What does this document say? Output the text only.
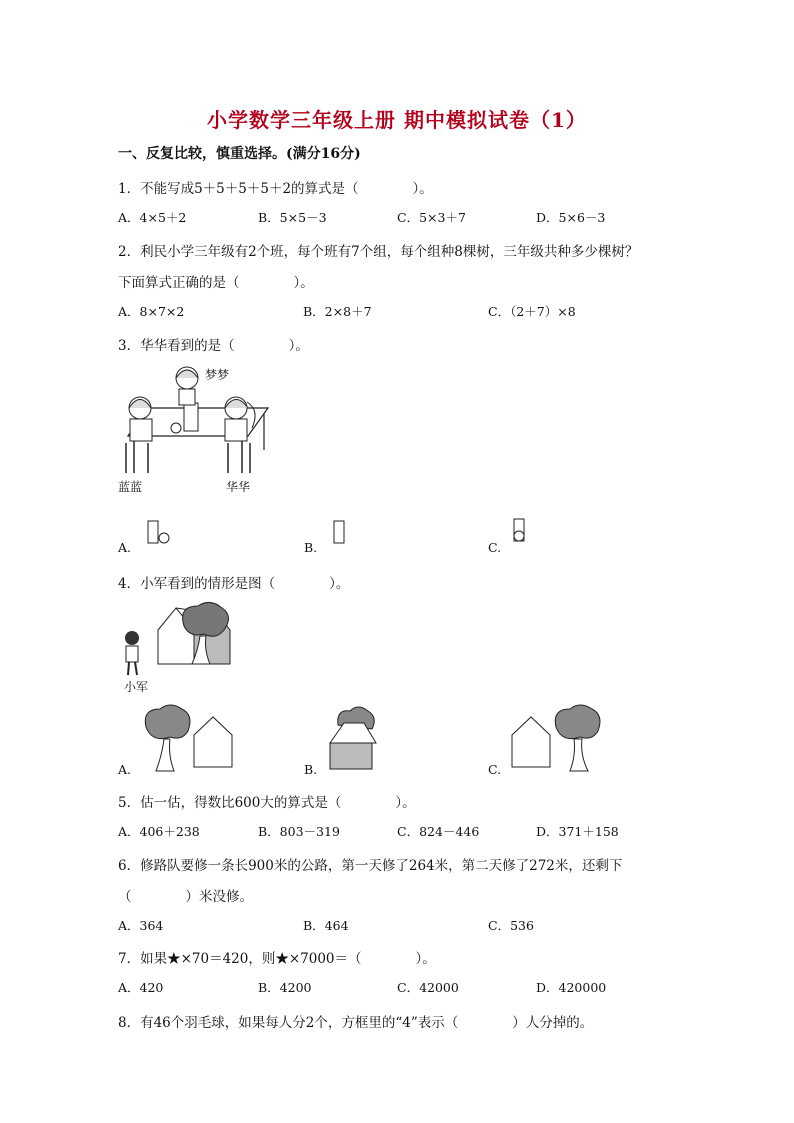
小学数学三年级上册 期中模拟试卷（1）
一、反复比较，慎重选择。(满分16分)
1．不能写成5＋5＋5＋5＋2的算式是（　　　　）。
A．4×5＋2	B．5×5－3	C．5×3＋7	D．5×6－3
2．利民小学三年级有2个班，每个班有7个组，每个组种8棵树，三年级共种多少棵树？
下面算式正确的是（　　　　）。
A．8×7×2	B．2×8＋7	C．（2＋7）×8
3．华华看到的是（　　　　）。
梦梦
蓝蓝	华华
A.	B.	C.
4．小军看到的情形是图（　　　　）。
小军
A.	B.	C.
5．估一估，得数比600大的算式是（　　　　）。
A．406＋238	B．803－319	C．824－446	D．371＋158
6．修路队要修一条长900米的公路，第一天修了264米，第二天修了272米，还剩下
（　　　　）米没修。
A．364	B．464	C．536
7．如果★×70＝420，则★×7000＝（　　　　）。
A．420	B．4200	C．42000	D．420000
8．有46个羽毛球，如果每人分2个，方框里的“4”表示（　　　　）人分掉的。
